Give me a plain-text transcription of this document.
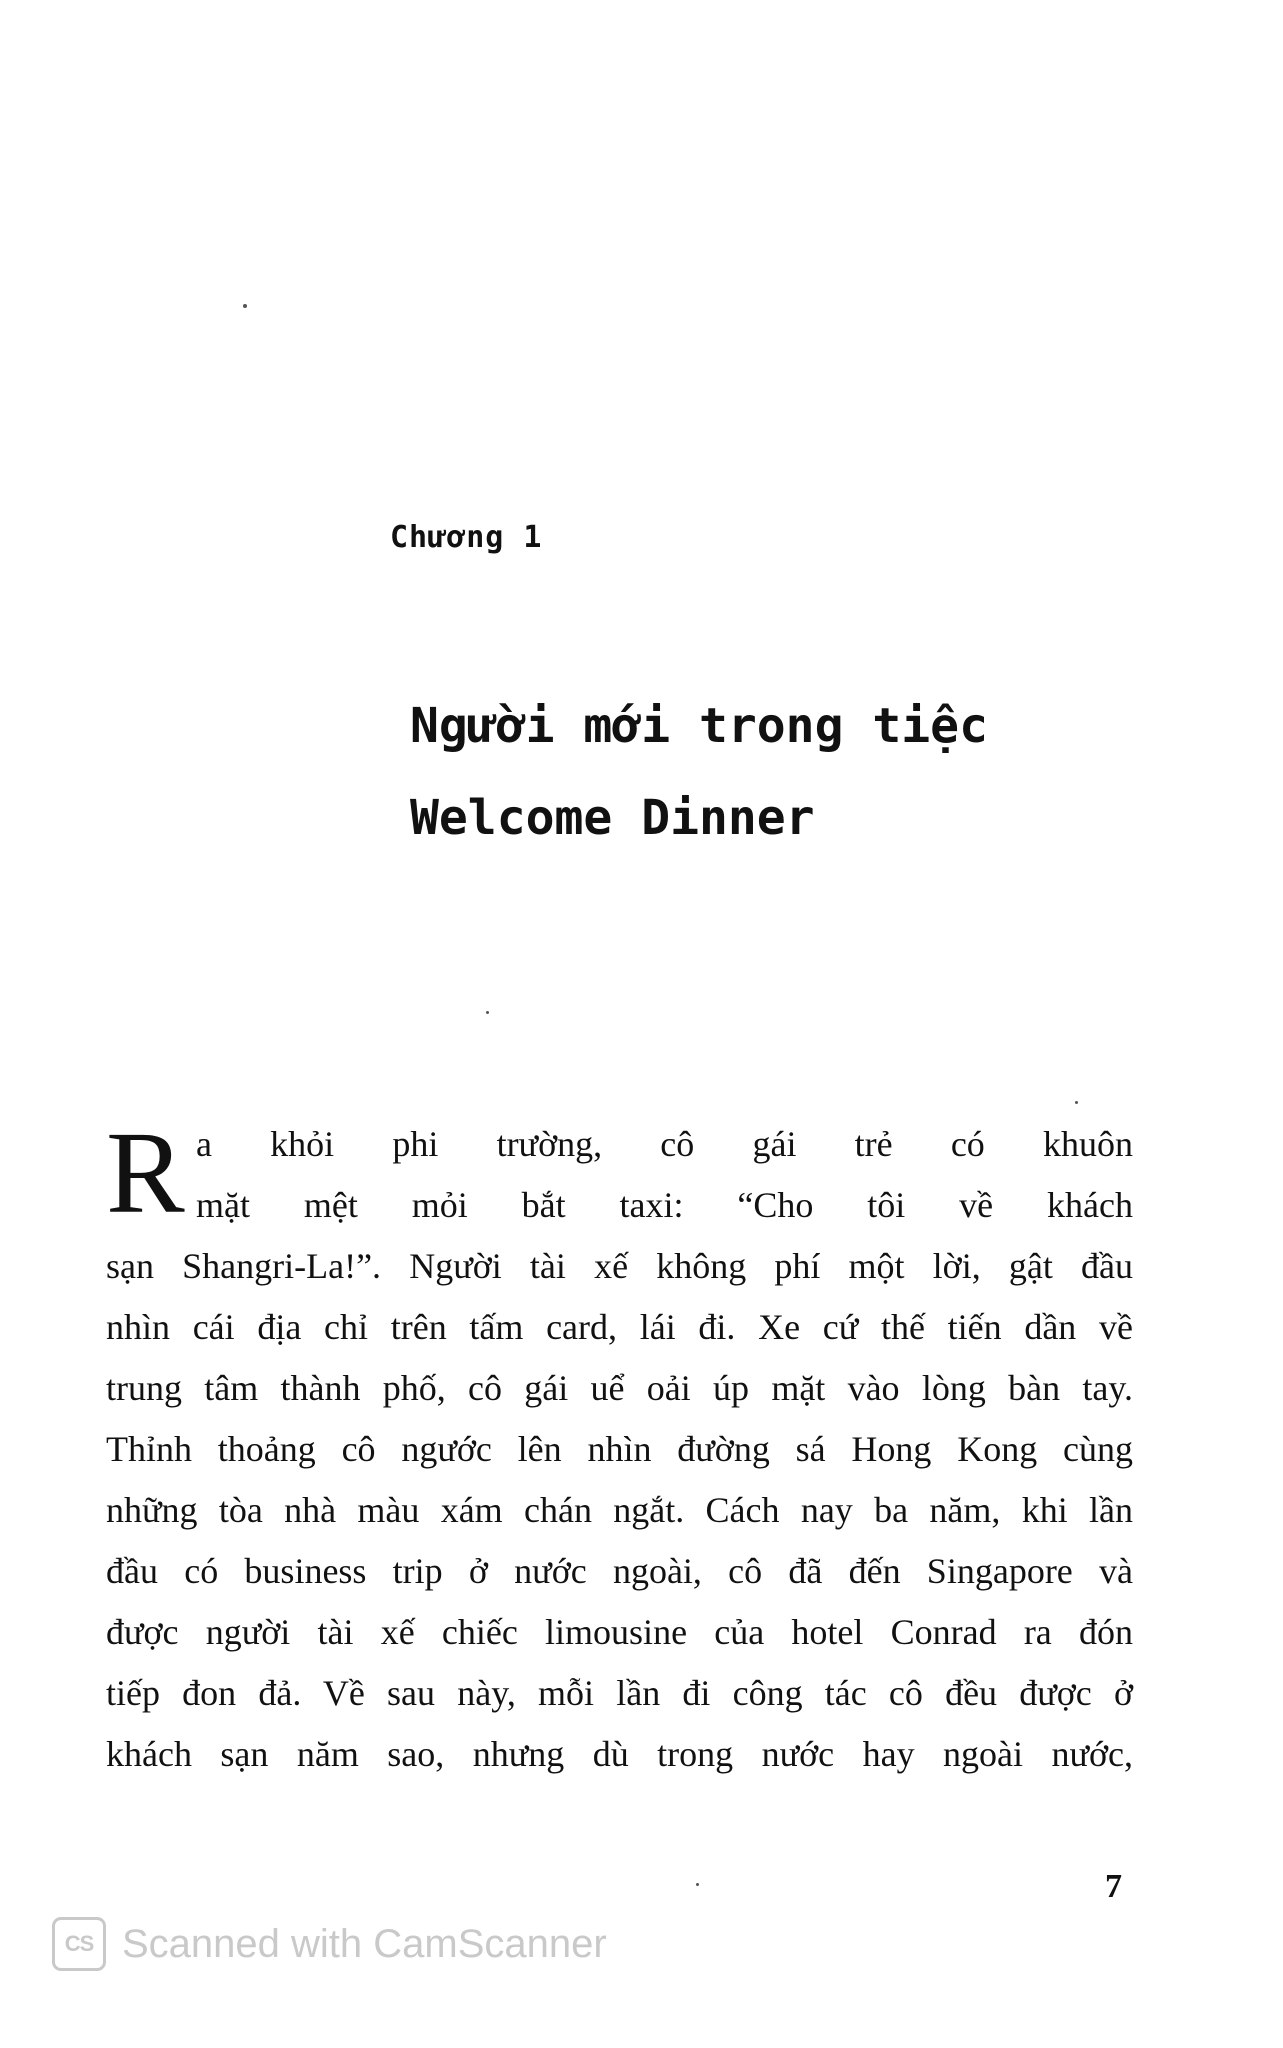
Chương 1

Người mới trong tiệc
Welcome Dinner
R a khỏi phi trường, cô gái trẻ có khuôn
mặt mệt mỏi bắt taxi: “Cho tôi về khách
sạn Shangri-La!”. Người tài xế không phí một lời, gật đầu
nhìn cái địa chỉ trên tấm card, lái đi. Xe cứ thế tiến dần về
trung tâm thành phố, cô gái uể oải úp mặt vào lòng bàn tay.
Thỉnh thoảng cô ngước lên nhìn đường sá Hong Kong cùng
những tòa nhà màu xám chán ngắt. Cách nay ba năm, khi lần
đầu có business trip ở nước ngoài, cô đã đến Singapore và
được người tài xế chiếc limousine của hotel Conrad ra đón
tiếp đon đả. Về sau này, mỗi lần đi công tác cô đều được ở
khách sạn năm sao, nhưng dù trong nước hay ngoài nước,

7

CS Scanned with CamScanner
